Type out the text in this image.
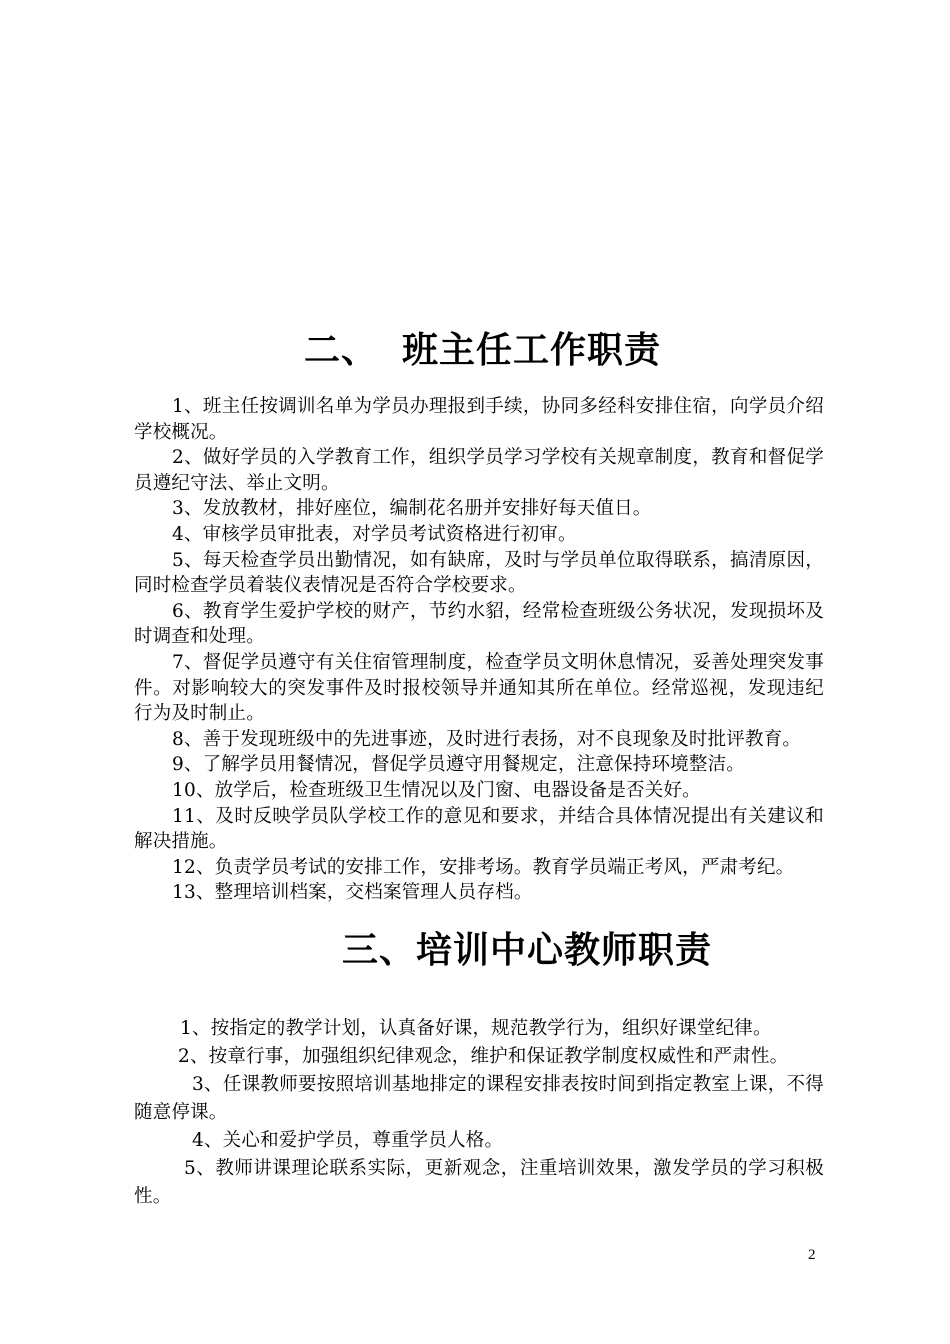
二、 班主任工作职责

1、班主任按调训名单为学员办理报到手续，协同多经科安排住宿，向学员介绍学校概况。

2、做好学员的入学教育工作，组织学员学习学校有关规章制度，教育和督促学员遵纪守法、举止文明。

3、发放教材，排好座位，编制花名册并安排好每天值日。

4、审核学员审批表，对学员考试资格进行初审。

5、每天检查学员出勤情况，如有缺席，及时与学员单位取得联系，搞清原因，同时检查学员着装仪表情况是否符合学校要求。

6、教育学生爱护学校的财产，节约水貂，经常检查班级公务状况，发现损坏及时调查和处理。

7、督促学员遵守有关住宿管理制度，检查学员文明休息情况，妥善处理突发事件。对影响较大的突发事件及时报校领导并通知其所在单位。经常巡视，发现违纪行为及时制止。

8、善于发现班级中的先进事迹，及时进行表扬，对不良现象及时批评教育。

9、了解学员用餐情况，督促学员遵守用餐规定，注意保持环境整洁。

10、放学后，检查班级卫生情况以及门窗、电器设备是否关好。

11、及时反映学员队学校工作的意见和要求，并结合具体情况提出有关建议和解决措施。

12、负责学员考试的安排工作，安排考场。教育学员端正考风，严肃考纪。

13、整理培训档案，交档案管理人员存档。

三、培训中心教师职责

1、按指定的教学计划，认真备好课，规范教学行为，组织好课堂纪律。

2、按章行事，加强组织纪律观念，维护和保证教学制度权威性和严肃性。

3、任课教师要按照培训基地排定的课程安排表按时间到指定教室上课，不得随意停课。

4、关心和爱护学员，尊重学员人格。

5、教师讲课理论联系实际，更新观念，注重培训效果，激发学员的学习积极性。

2
